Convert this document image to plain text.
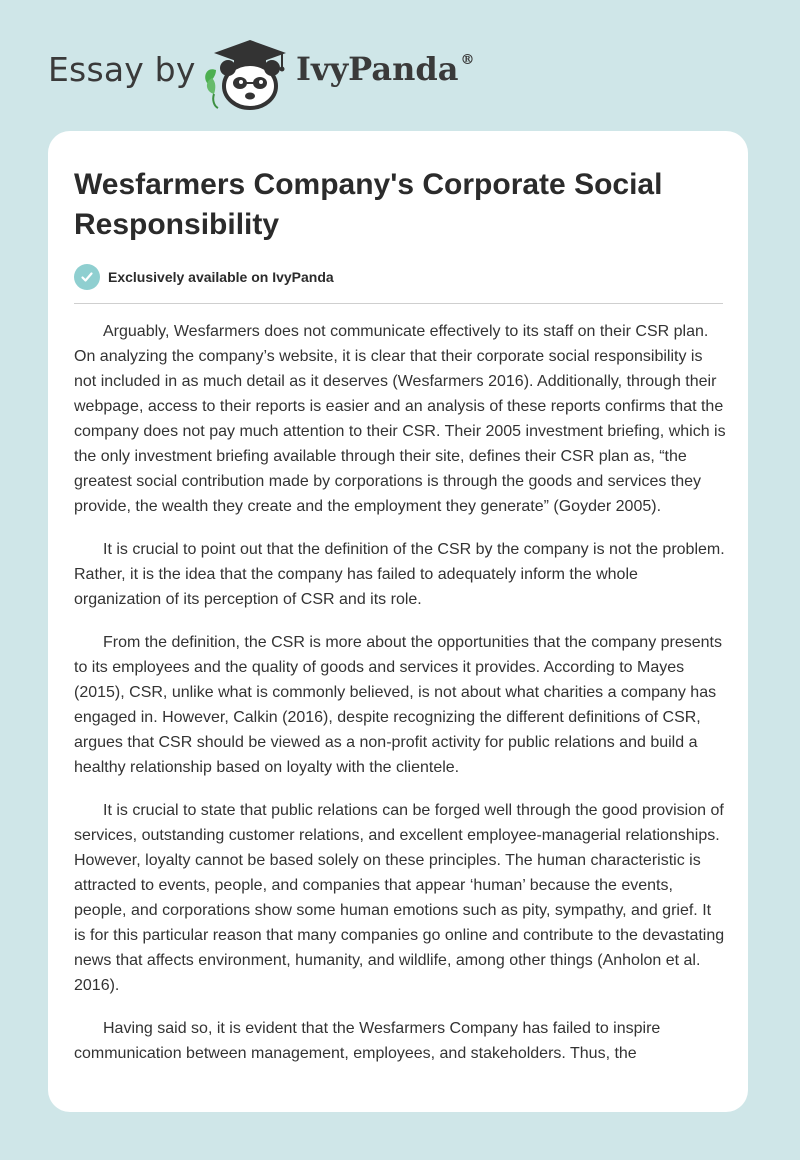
Essay by	IvyPanda ®
Wesfarmers Company's Corporate Social Responsibility
Exclusively available on IvyPanda

Arguably, Wesfarmers does not communicate effectively to its staff on their CSR plan. On analyzing the company’s website, it is clear that their corporate social responsibility is not included in as much detail as it deserves (Wesfarmers 2016). Additionally, through their webpage, access to their reports is easier and an analysis of these reports confirms that the company does not pay much attention to their CSR. Their 2005 investment briefing, which is the only investment briefing available through their site, defines their CSR plan as, “the greatest social contribution made by corporations is through the goods and services they provide, the wealth they create and the employment they generate” (Goyder 2005).

It is crucial to point out that the definition of the CSR by the company is not the problem. Rather, it is the idea that the company has failed to adequately inform the whole organization of its perception of CSR and its role.

From the definition, the CSR is more about the opportunities that the company presents to its employees and the quality of goods and services it provides. According to Mayes (2015), CSR, unlike what is commonly believed, is not about what charities a company has engaged in. However, Calkin (2016), despite recognizing the different definitions of CSR, argues that CSR should be viewed as a non-profit activity for public relations and build a healthy relationship based on loyalty with the clientele.

It is crucial to state that public relations can be forged well through the good provision of services, outstanding customer relations, and excellent employee-managerial relationships. However, loyalty cannot be based solely on these principles. The human characteristic is attracted to events, people, and companies that appear ‘human’ because the events, people, and corporations show some human emotions such as pity, sympathy, and grief. It is for this particular reason that many companies go online and contribute to the devastating news that affects environment, humanity, and wildlife, among other things (Anholon et al. 2016).

Having said so, it is evident that the Wesfarmers Company has failed to inspire communication between management, employees, and stakeholders. Thus, the
